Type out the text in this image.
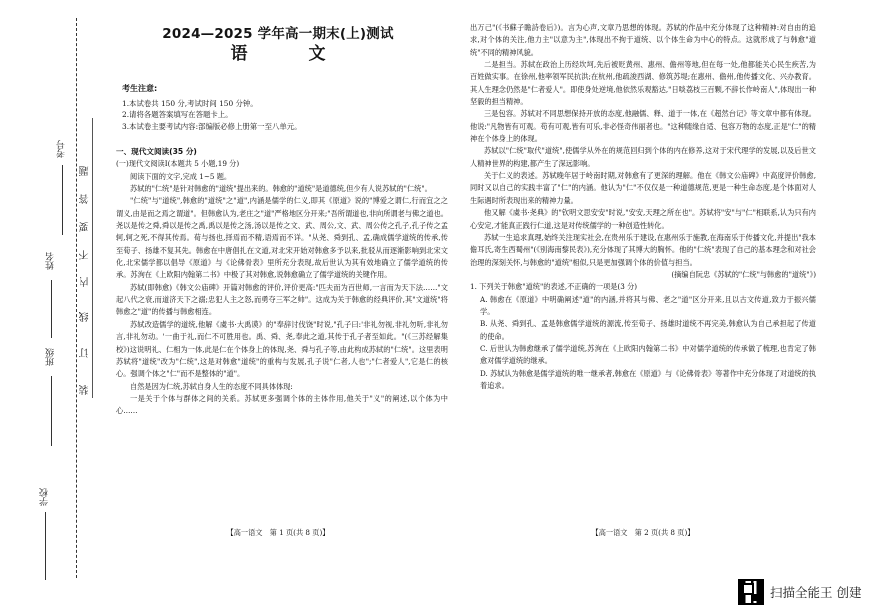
考号
姓名
班级
学校
装
订
线
内
不
要
答
题
2024—2025 学年高一期末(上)测试
语　文
考生注意:
1.本试卷共 150 分,考试时间 150 分钟。
2.请将各题答案填写在答题卡上。
3.本试卷主要考试内容:部编版必修上册第一至八单元。
一、现代文阅读(35 分)
(一)现代文阅读Ⅰ(本题共 5 小题,19 分)
阅读下面的文字,完成 1~5 题。
苏轼的"仁统"是针对韩愈的"道统"提出来的。韩愈的"道统"是道德统,但少有人说苏轼的"仁统"。
"仁统"与"道统",韩愈的"道统"之"道",内涵是儒学的仁义,即其《原道》说的"博爱之谓仁,行而宜之之谓义,由是而之焉之谓道"。但韩愈认为,老庄之"道"严格地区分开来;"吾所谓道也,非向所谓老与佛之道也。尧以是传之舜,舜以是传之禹,禹以是传之汤,汤以是传之文、武、周公,文、武、周公传之孔子,孔子传之孟轲,轲之死,不得其传焉。荀与扬也,择焉而不精,语焉而不详。"从尧、舜到孔、孟,确成儒学道统的传承,传至荀子、扬雄不复其先。韩愈在中唐倡扎在文道,对北宋开始对韩愈多予以来,批驳从而逐渐影响到北宋文化,北宋儒学都以倡导《原道》与《论佛骨表》里所充分表现,故后世认为其有效地确立了儒学道统的传承。苏洵在《上欧阳内翰第二书》中极了其对韩愈,说韩愈确立了儒学道统的关键作用。
苏轼(即韩愈)《韩文公庙碑》开篇对韩愈的评价,评价更高:"匹夫而为百世师,一言而为天下法……"文起八代之衰,而道济天下之溺;忠犯人主之怒,而勇夺三军之帅"。这成为关于韩愈的经典评价,其"文道统"将韩愈之"道"的传播与韩愈相连。
苏轼改造儒学的道统,他解《虞书·大禹谟》的"奉辞讨伐饶"时说,"孔子曰:'非礼勿视,非礼勿听,非礼勿言,非礼勿动。'一曲于礼,而仁不可胜用也。禹、舜、尧,奉此之道,其传于孔子者至如此。"(《三苏经解集校》)这说明礼、仁相为一体,此是仁在个体身上的体现,尧、舜与孔子等,由此构成苏轼的"仁统"。这里表明苏轼将"道统"改为"仁统",这是对韩愈"道统"的重构与发展,孔子说"仁者,人也";"仁者爱人",它是仁的核心。强调个体之"仁"而不是整体的"道"。
自然是因为仁统,苏轼自身人生的态度不同具体体现:
一是关于个体与群体之间的关系。苏轼更多强调个体的主体作用,他关于"义"的阐述,以个体为中心……
【高一语文　第 1 页(共 8 页)】
出万己"(《书蘇子瞻詩卷后》)。言为心声,文章乃思想的体现。苏轼的作品中充分体现了这种精神:对自由的追求,对个体的关注,他力主"以意为主",体现出不拘于道统、以个体生命为中心的特点。这就形成了与韩愈"道统"不同的精神风貌。
二是担当。苏轼在政治上历经坎坷,先后被贬黄州、惠州、儋州等地,但在每一处,他都能关心民生疾苦,为百姓做实事。在徐州,他率领军民抗洪;在杭州,他疏浚西湖、修筑苏堤;在惠州、儋州,他传播文化、兴办教育。其人生理念仍然是"仁者爱人"。即使身处逆境,他依然乐观豁达,"日啖荔枝三百颗,不辞长作岭南人",体现出一种坚毅的担当精神。
三是包容。苏轼对不同思想保持开放的态度,他融儒、释、道于一体,在《超然台记》等文章中都有体现。他说:"凡物皆有可观。苟有可观,皆有可乐,非必怪奇伟丽者也。"这种随缘自适、包容万物的态度,正是"仁"的精神在个体身上的体现。
苏轼以"仁统"取代"道统",使儒学从外在的规范回归到个体的内在修养,这对于宋代理学的发展,以及后世文人精神世界的构建,都产生了深远影响。
关于仁义的表述。苏轼晚年居于岭南时期,对韩愈有了更深的理解。他在《韩文公庙碑》中高度评价韩愈,同时又以自己的实践丰富了"仁"的内涵。他认为"仁"不仅仅是一种道德规范,更是一种生命态度,是个体面对人生际遇时所表现出来的精神力量。
他又解《虞书·尧典》的"钦明文思安安"时说,"安安,天理之所在也"。苏轼将"安"与"仁"相联系,认为只有内心安定,才能真正践行仁道,这是对传统儒学的一种创造性转化。
苏轼一生追求真理,始终关注现实社会,在贵州乐于建设,在惠州乐于施教,在海南乐于传播文化,并提出"我本儋耳氏,寄生西蜀州"(《别海南黎民表》),充分体现了其博大的胸怀。他的"仁统"表现了自己的基本理念和对社会治理的深刻关怀,与韩愈的"道统"相似,只是更加强调个体的价值与担当。
(摘编自阮忠《苏轼的"仁统"与韩愈的"道统"》)
1. 下列关于韩愈"道统"的表述,不正确的一项是(3 分)
A. 韩愈在《原道》中明确阐述"道"的内涵,并将其与佛、老之"道"区分开来,且以古文传道,致力于振兴儒学。
B. 从尧、舜到孔、孟是韩愈儒学道统的源流,传至荀子、扬雄时道统不再完美,韩愈认为自己承担起了传道的使命。
C. 后世认为韩愈继承了儒学道统,苏洵在《上欧阳内翰第二书》中对儒学道统的传承做了梳理,也肯定了韩愈对儒学道统的继承。
D. 苏轼认为韩愈是儒学道统的唯一继承者,韩愈在《原道》与《论佛骨表》等著作中充分体现了对道统的执着追求。
【高一语文　第 2 页(共 8 页)】
扫描全能王 创建
